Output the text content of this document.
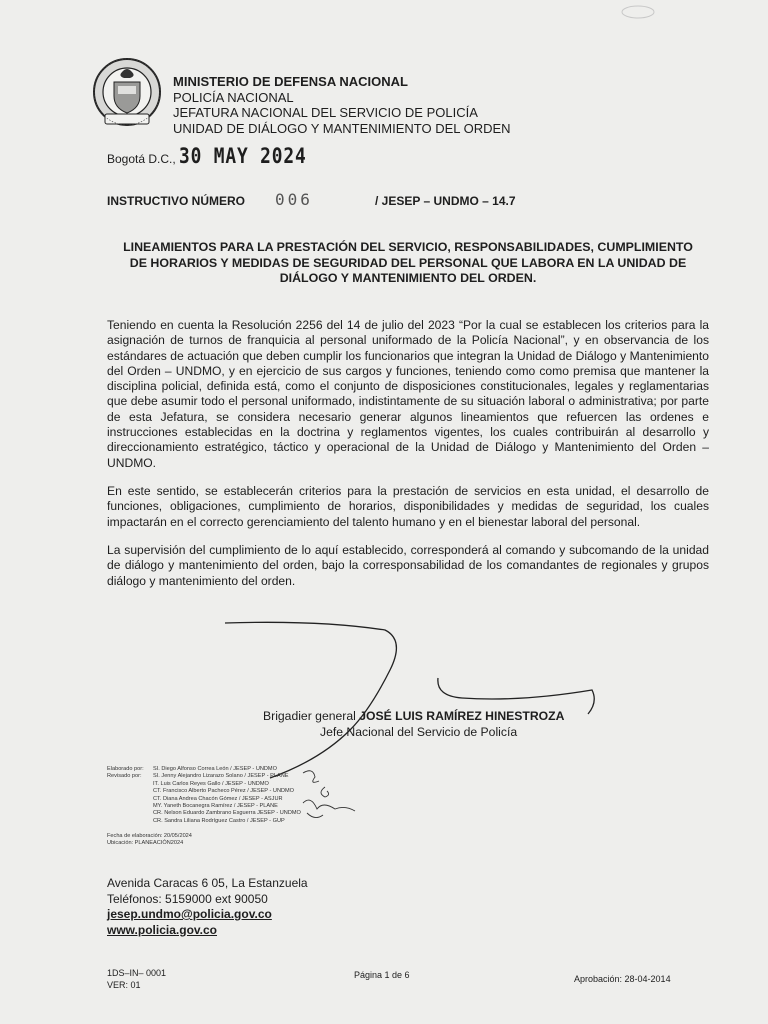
MINISTERIO DE DEFENSA NACIONAL
POLICÍA NACIONAL
JEFATURA NACIONAL DEL SERVICIO DE POLICÍA
UNIDAD DE DIÁLOGO Y MANTENIMIENTO DEL ORDEN
Bogotá D.C., 30 MAY 2024
INSTRUCTIVO NÚMERO 006	/ JESEP – UNDMO – 14.7
LINEAMIENTOS PARA LA PRESTACIÓN DEL SERVICIO, RESPONSABILIDADES, CUMPLIMIENTO
DE HORARIOS Y MEDIDAS DE SEGURIDAD DEL PERSONAL QUE LABORA EN LA UNIDAD DE
DIÁLOGO Y MANTENIMIENTO DEL ORDEN.
Teniendo en cuenta la Resolución 2256 del 14 de julio del 2023 “Por la cual se establecen los criterios para la asignación de turnos de franquicia al personal uniformado de la Policía Nacional”, y en observancia de los estándares de actuación que deben cumplir los funcionarios que integran la Unidad de Diálogo y Mantenimiento del Orden – UNDMO, y en ejercicio de sus cargos y funciones, teniendo como como premisa que mantener la disciplina policial, definida está, como el conjunto de disposiciones constitucionales, legales y reglamentarias que debe asumir todo el personal uniformado, indistintamente de su situación laboral o administrativa; por parte de esta Jefatura, se considera necesario generar algunos lineamientos que refuercen las ordenes e instrucciones establecidas en la doctrina y reglamentos vigentes, los cuales contribuirán al desarrollo y direccionamiento estratégico, táctico y operacional de la Unidad de Diálogo y Mantenimiento del Orden – UNDMO.
En este sentido, se establecerán criterios para la prestación de servicios en esta unidad, el desarrollo de funciones, obligaciones, cumplimiento de horarios, disponibilidades y medidas de seguridad, los cuales impactarán en el correcto gerenciamiento del talento humano y en el bienestar laboral del personal.
La supervisión del cumplimiento de lo aquí establecido, corresponderá al comando y subcomando de la unidad de diálogo y mantenimiento del orden, bajo la corresponsabilidad de los comandantes de regionales y grupos diálogo y mantenimiento del orden.
Brigadier general JOSÉ LUIS RAMÍREZ HINESTROZA
Jefe Nacional del Servicio de Policía
Elaborado por:	SI. Diego Alfonso Correa León / JESEP - UNDMO
Revisado por:	SI. Jenny Alejandro Lizarazo Solano / JESEP - PLANE
IT. Luis Carlos Reyes Gallo / JESEP - UNDMO
CT. Francisco Alberto Pacheco Pérez / JESEP - UNDMO
CT. Diana Andrea Chacón Gómez / JESEP - ASJUR
MY. Yaneth Bocanegra Ramírez / JESEP - PLANE
CR. Nelson Eduardo Zambrano Esguerra JESEP - UNDMO
CR. Sandra Liliana Rodríguez Castro / JESEP - GUP
Fecha de elaboración: 20/05/2024
Ubicación: PLANEACIÓN2024
Avenida Caracas 6 05, La Estanzuela
Teléfonos: 5159000 ext 90050
jesep.undmo@policia.gov.co
www.policia.gov.co
1DS–IN– 0001
VER: 01
Página 1 de 6	Aprobación: 28-04-2014
